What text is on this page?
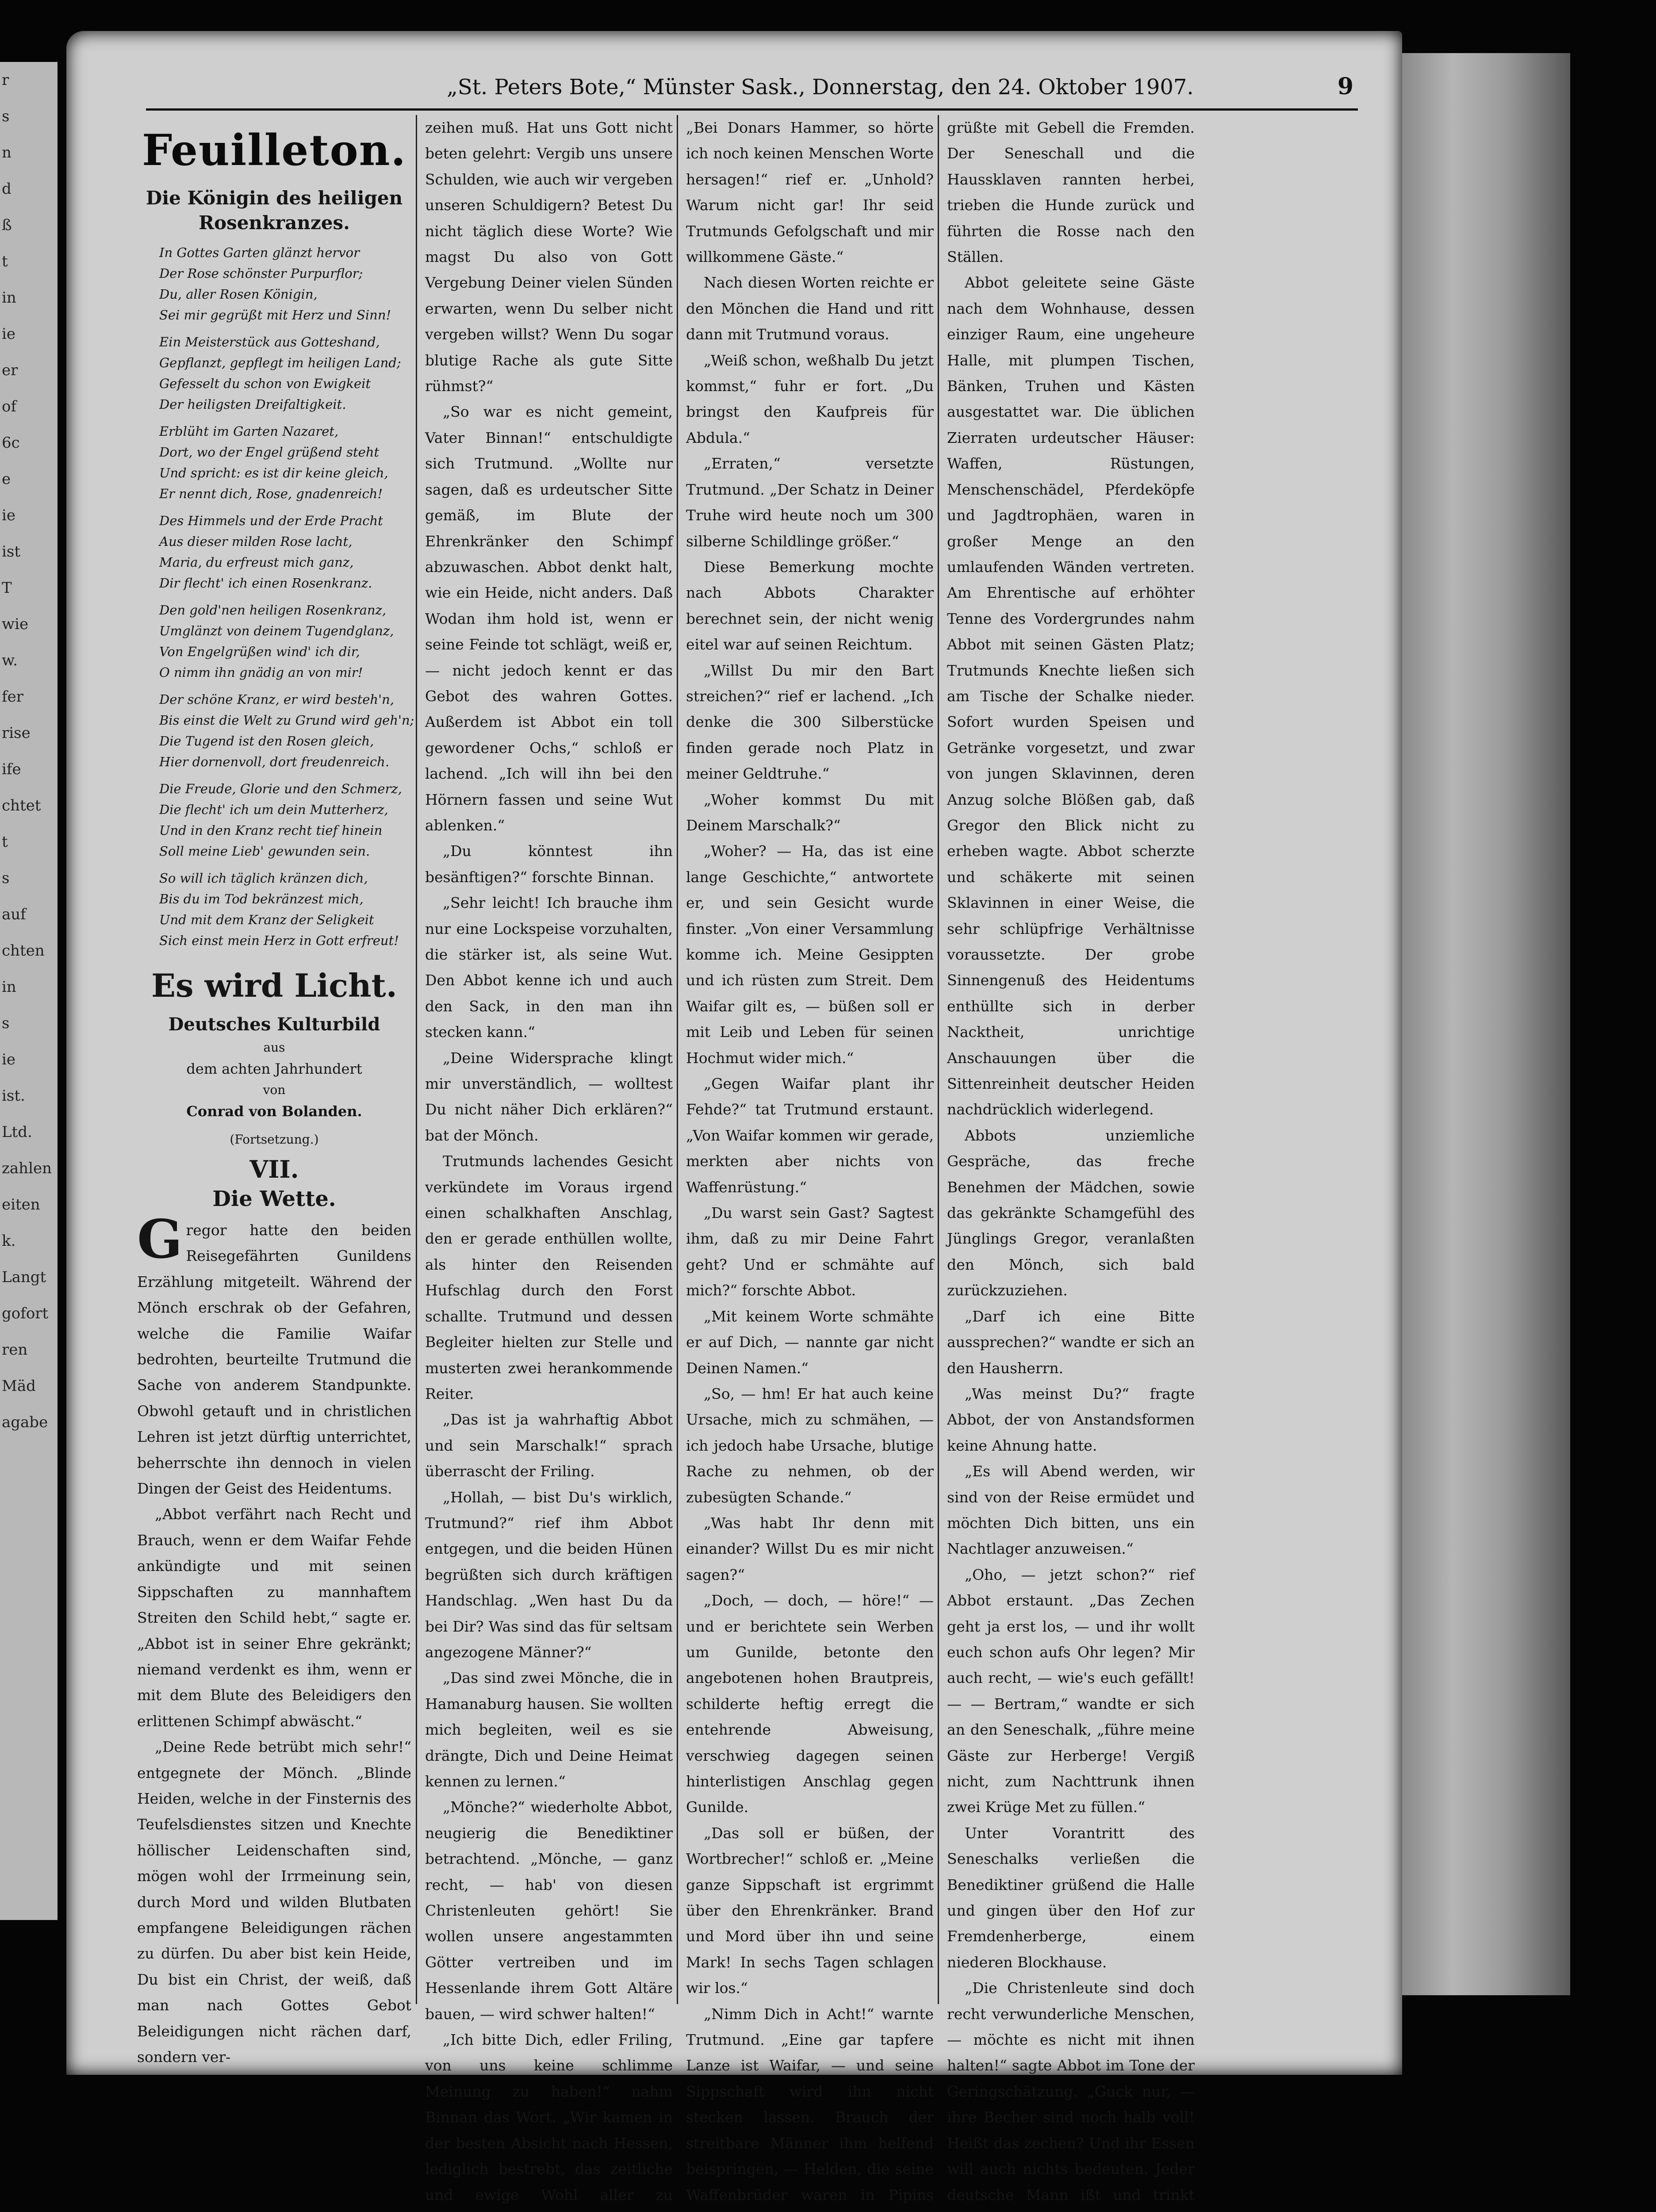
r
s
n
d
ß
t
in
ie
er
of
6c
e
ie
ist
T
wie
w.
fer
rise
ife
chtet
t
s
auf
chten
in
s
ie
ist.
Ltd.
zahlen
eiten
k.
Langt
gofort
ren
Mäd
agabe
„St. Peters Bote,“ Münster Sask., Donnerstag, den 24. Oktober 1907.	9
Feuilleton.
Die Königin des heiligen Rosenkranzes.
In Gottes Garten glänzt hervor
Der Rose schönster Purpurflor;
Du, aller Rosen Königin,
Sei mir gegrüßt mit Herz und Sinn!
Ein Meisterstück aus Gotteshand,
Gepflanzt, gepflegt im heiligen Land;
Gefesselt du schon von Ewigkeit
Der heiligsten Dreifaltigkeit.
Erblüht im Garten Nazaret,
Dort, wo der Engel grüßend steht
Und spricht: es ist dir keine gleich,
Er nennt dich, Rose, gnadenreich!
Des Himmels und der Erde Pracht
Aus dieser milden Rose lacht,
Maria, du erfreust mich ganz,
Dir flecht' ich einen Rosenkranz.
Den gold'nen heiligen Rosenkranz,
Umglänzt von deinem Tugendglanz,
Von Engelgrüßen wind' ich dir,
O nimm ihn gnädig an von mir!
Der schöne Kranz, er wird besteh'n,
Bis einst die Welt zu Grund wird geh'n;
Die Tugend ist den Rosen gleich,
Hier dornenvoll, dort freudenreich.
Die Freude, Glorie und den Schmerz,
Die flecht' ich um dein Mutterherz,
Und in den Kranz recht tief hinein
Soll meine Lieb' gewunden sein.
So will ich täglich kränzen dich,
Bis du im Tod bekränzest mich,
Und mit dem Kranz der Seligkeit
Sich einst mein Herz in Gott erfreut!
Es wird Licht.
Deutsches Kulturbild
aus
dem achten Jahrhundert
von
Conrad von Bolanden.
(Fortsetzung.)
VII.
Die Wette.

Gregor hatte den beiden Reisegefährten Gunildens Erzählung mitgeteilt. Während der Mönch erschrak ob der Gefahren, welche die Familie Waifar bedrohten, beurteilte Trutmund die Sache von anderem Standpunkte. Obwohl getauft und in christlichen Lehren ist jetzt dürftig unterrichtet, beherrschte ihn dennoch in vielen Dingen der Geist des Heidentums.

„Abbot verfährt nach Recht und Brauch, wenn er dem Waifar Fehde ankündigte und mit seinen Sippschaften zu mannhaftem Streiten den Schild hebt,“ sagte er. „Abbot ist in seiner Ehre gekränkt; niemand verdenkt es ihm, wenn er mit dem Blute des Beleidigers den erlittenen Schimpf abwäscht.“

„Deine Rede betrübt mich sehr!“ entgegnete der Mönch. „Blinde Heiden, welche in der Finsternis des Teufelsdienstes sitzen und Knechte höllischer Leidenschaften sind, mögen wohl der Irrmeinung sein, durch Mord und wilden Blutbaten empfangene Beleidigungen rächen zu dürfen. Du aber bist kein Heide, Du bist ein Christ, der weiß, daß man nach Gottes Gebot Beleidigungen nicht rächen darf, sondern ver-

zeihen muß. Hat uns Gott nicht beten gelehrt: Vergib uns unsere Schulden, wie auch wir vergeben unseren Schuldigern? Betest Du nicht täglich diese Worte? Wie magst Du also von Gott Vergebung Deiner vielen Sünden erwarten, wenn Du selber nicht vergeben willst? Wenn Du sogar blutige Rache als gute Sitte rühmst?“

„So war es nicht gemeint, Vater Binnan!“ entschuldigte sich Trutmund. „Wollte nur sagen, daß es urdeutscher Sitte gemäß, im Blute der Ehrenkränker den Schimpf abzuwaschen. Abbot denkt halt, wie ein Heide, nicht anders. Daß Wodan ihm hold ist, wenn er seine Feinde tot schlägt, weiß er, — nicht jedoch kennt er das Gebot des wahren Gottes. Außerdem ist Abbot ein toll gewordener Ochs,“ schloß er lachend. „Ich will ihn bei den Hörnern fassen und seine Wut ablenken.“

„Du könntest ihn besänftigen?“ forschte Binnan.

„Sehr leicht! Ich brauche ihm nur eine Lockspeise vorzuhalten, die stärker ist, als seine Wut. Den Abbot kenne ich und auch den Sack, in den man ihn stecken kann.“

„Deine Widersprache klingt mir unverständlich, — wolltest Du nicht näher Dich erklären?“ bat der Mönch.

Trutmunds lachendes Gesicht verkündete im Voraus irgend einen schalkhaften Anschlag, den er gerade enthüllen wollte, als hinter den Reisenden Hufschlag durch den Forst schallte. Trutmund und dessen Begleiter hielten zur Stelle und musterten zwei herankommende Reiter.

„Das ist ja wahrhaftig Abbot und sein Marschalk!“ sprach überrascht der Friling.

„Hollah, — bist Du's wirklich, Trutmund?“ rief ihm Abbot entgegen, und die beiden Hünen begrüßten sich durch kräftigen Handschlag. „Wen hast Du da bei Dir? Was sind das für seltsam angezogene Männer?“

„Das sind zwei Mönche, die in Hamanaburg hausen. Sie wollten mich begleiten, weil es sie drängte, Dich und Deine Heimat kennen zu lernen.“

„Mönche?“ wiederholte Abbot, neugierig die Benediktiner betrachtend. „Mönche, — ganz recht, — hab' von diesen Christenleuten gehört! Sie wollen unsere angestammten Götter vertreiben und im Hessenlande ihrem Gott Altäre bauen, — wird schwer halten!“

„Ich bitte Dich, edler Friling, von uns keine schlimme Meinung zu haben!“ nahm Binnan das Wort. „Wir kamen in der besten Absicht nach Hessen, lediglich bestrebt, das zeitliche und ewige Wohl aller zu

„Bei Donars Hammer, so hörte ich noch keinen Menschen Worte hersagen!“ rief er. „Unhold? Warum nicht gar! Ihr seid Trutmunds Gefolgschaft und mir willkommene Gäste.“

Nach diesen Worten reichte er den Mönchen die Hand und ritt dann mit Trutmund voraus.

„Weiß schon, weßhalb Du jetzt kommst,“ fuhr er fort. „Du bringst den Kaufpreis für Abdula.“

„Erraten,“ versetzte Trutmund. „Der Schatz in Deiner Truhe wird heute noch um 300 silberne Schildlinge größer.“

Diese Bemerkung mochte nach Abbots Charakter berechnet sein, der nicht wenig eitel war auf seinen Reichtum.

„Willst Du mir den Bart streichen?“ rief er lachend. „Ich denke die 300 Silberstücke finden gerade noch Platz in meiner Geldtruhe.“

„Woher kommst Du mit Deinem Marschalk?“

„Woher? — Ha, das ist eine lange Geschichte,“ antwortete er, und sein Gesicht wurde finster. „Von einer Versammlung komme ich. Meine Gesippten und ich rüsten zum Streit. Dem Waifar gilt es, — büßen soll er mit Leib und Leben für seinen Hochmut wider mich.“

„Gegen Waifar plant ihr Fehde?“ tat Trutmund erstaunt. „Von Waifar kommen wir gerade, merkten aber nichts von Waffenrüstung.“

„Du warst sein Gast? Sagtest ihm, daß zu mir Deine Fahrt geht? Und er schmähte auf mich?“ forschte Abbot.

„Mit keinem Worte schmähte er auf Dich, — nannte gar nicht Deinen Namen.“

„So, — hm! Er hat auch keine Ursache, mich zu schmähen, — ich jedoch habe Ursache, blutige Rache zu nehmen, ob der zubesügten Schande.“

„Was habt Ihr denn mit einander? Willst Du es mir nicht sagen?“

„Doch, — doch, — höre!“ — und er berichtete sein Werben um Gunilde, betonte den angebotenen hohen Brautpreis, schilderte heftig erregt die entehrende Abweisung, verschwieg dagegen seinen hinterlistigen Anschlag gegen Gunilde.

„Das soll er büßen, der Wortbrecher!“ schloß er. „Meine ganze Sippschaft ist ergrimmt über den Ehrenkränker. Brand und Mord über ihn und seine Mark! In sechs Tagen schlagen wir los.“

„Nimm Dich in Acht!“ warnte Trutmund. „Eine gar tapfere Lanze ist Waifar, — und seine Sippschaft wird ihn nicht stecken lassen. Brauch der streitbare Männer ihm helfend beispringen, — Helden, die seine Waffenbrüder waren in Pipins

grüßte mit Gebell die Fremden. Der Seneschall und die Haussklaven rannten herbei, trieben die Hunde zurück und führten die Rosse nach den Ställen.

Abbot geleitete seine Gäste nach dem Wohnhause, dessen einziger Raum, eine ungeheure Halle, mit plumpen Tischen, Bänken, Truhen und Kästen ausgestattet war. Die üblichen Zierraten urdeutscher Häuser: Waffen, Rüstungen, Menschenschädel, Pferdeköpfe und Jagdtrophäen, waren in großer Menge an den umlaufenden Wänden vertreten. Am Ehrentische auf erhöhter Tenne des Vordergrundes nahm Abbot mit seinen Gästen Platz; Trutmunds Knechte ließen sich am Tische der Schalke nieder. Sofort wurden Speisen und Getränke vorgesetzt, und zwar von jungen Sklavinnen, deren Anzug solche Blößen gab, daß Gregor den Blick nicht zu erheben wagte. Abbot scherzte und schäkerte mit seinen Sklavinnen in einer Weise, die sehr schlüpfrige Verhältnisse voraussetzte. Der grobe Sinnengenuß des Heidentums enthüllte sich in derber Nacktheit, unrichtige Anschauungen über die Sittenreinheit deutscher Heiden nachdrücklich widerlegend.

Abbots unziemliche Gespräche, das freche Benehmen der Mädchen, sowie das gekränkte Schamgefühl des Jünglings Gregor, veranlaßten den Mönch, sich bald zurückzuziehen.

„Darf ich eine Bitte aussprechen?“ wandte er sich an den Hausherrn.

„Was meinst Du?“ fragte Abbot, der von Anstandsformen keine Ahnung hatte.

„Es will Abend werden, wir sind von der Reise ermüdet und möchten Dich bitten, uns ein Nachtlager anzuweisen.“

„Oho, — jetzt schon?“ rief Abbot erstaunt. „Das Zechen geht ja erst los, — und ihr wollt euch schon aufs Ohr legen? Mir auch recht, — wie's euch gefällt! — — Bertram,“ wandte er sich an den Seneschalk, „führe meine Gäste zur Herberge! Vergiß nicht, zum Nachttrunk ihnen zwei Krüge Met zu füllen.“

Unter Vorantritt des Seneschalks verließen die Benediktiner grüßend die Halle und gingen über den Hof zur Fremdenherberge, einem niederen Blockhause.

„Die Christenleute sind doch recht verwunderliche Menschen, — möchte es nicht mit ihnen halten!“ sagte Abbot im Tone der Geringschätzung. „Guck nur, — ihre Becher sind noch halb voll! Heißt das zechen? Und ihr Essen will auch nichts bedeuten. Jeder deutsche Mann ißt und trinkt
